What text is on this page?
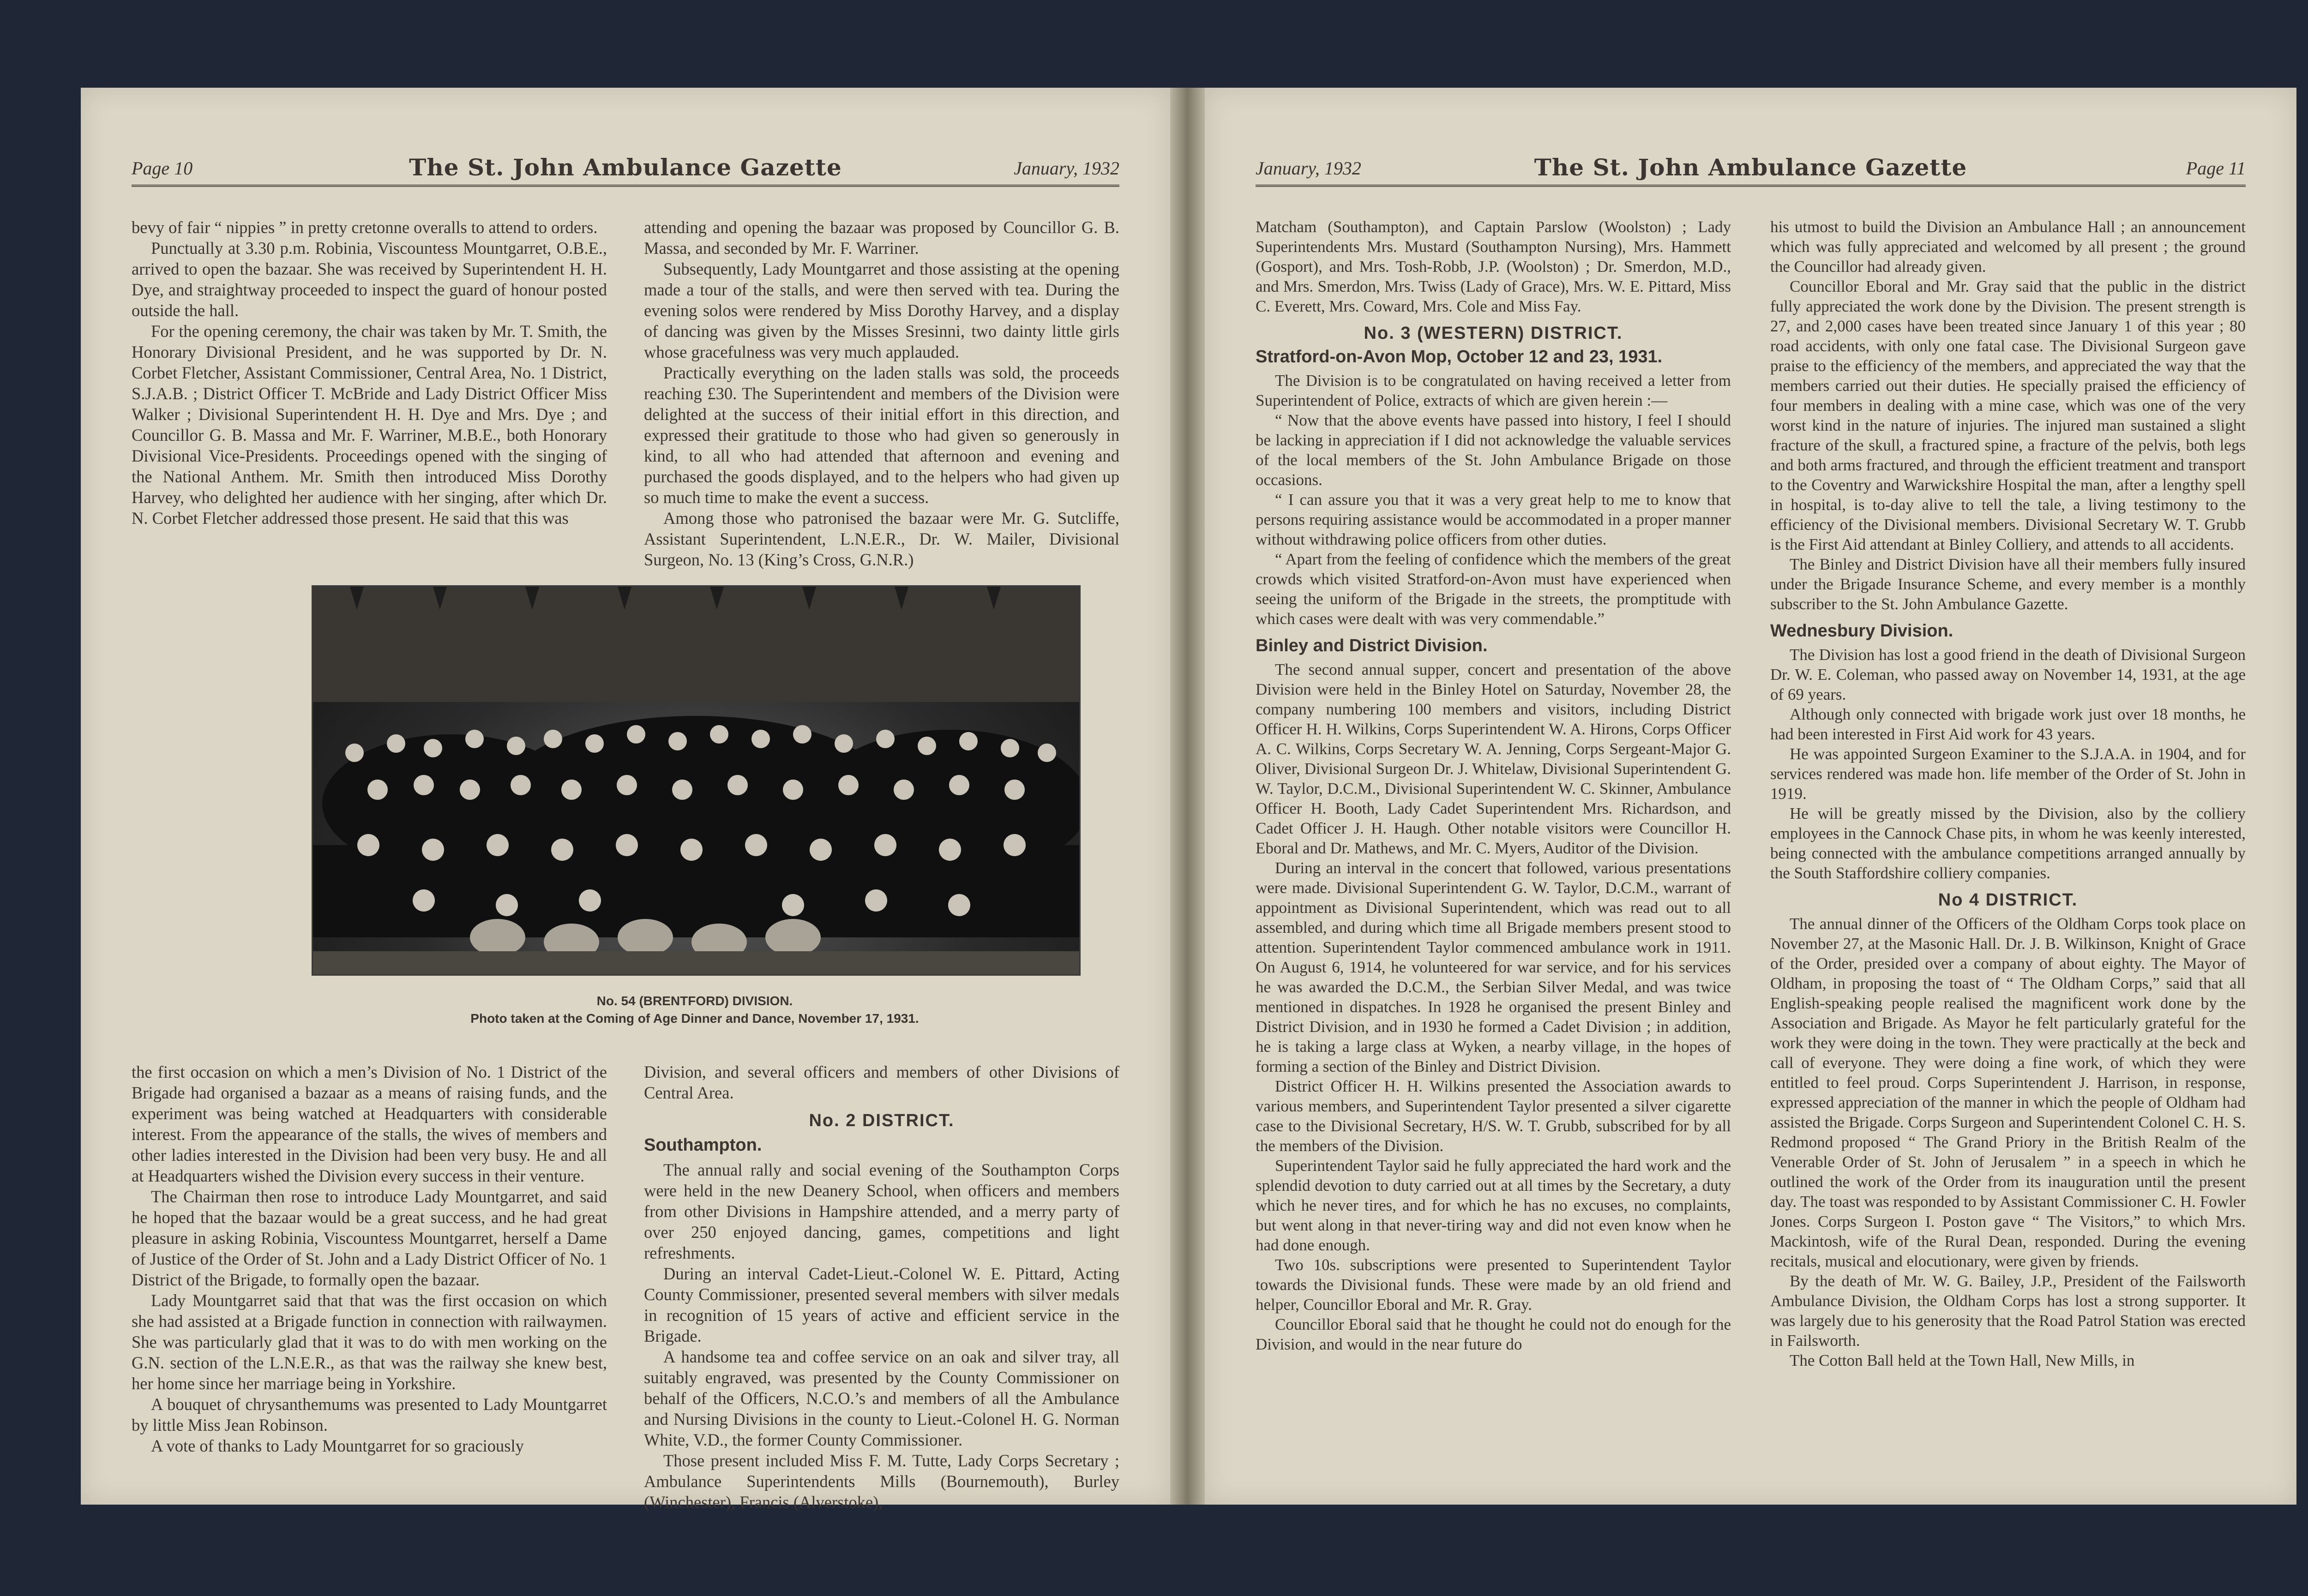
Page 10	The St. John Ambulance Gazette	January, 1932

bevy of fair “ nippies ” in pretty cretonne overalls to attend to orders.

Punctually at 3.30 p.m. Robinia, Viscountess Mountgarret, O.B.E., arrived to open the bazaar. She was received by Superintendent H. H. Dye, and straightway proceeded to inspect the guard of honour posted outside the hall.

For the opening ceremony, the chair was taken by Mr. T. Smith, the Honorary Divisional President, and he was supported by Dr. N. Corbet Fletcher, Assistant Commissioner, Central Area, No. 1 District, S.J.A.B. ; District Officer T. McBride and Lady District Officer Miss Walker ; Divisional Superintendent H. H. Dye and Mrs. Dye ; and Councillor G. B. Massa and Mr. F. Warriner, M.B.E., both Honorary Divisional Vice-Presidents. Proceedings opened with the singing of the National Anthem. Mr. Smith then introduced Miss Dorothy Harvey, who delighted her audience with her singing, after which Dr. N. Corbet Fletcher addressed those present. He said that this was

attending and opening the bazaar was proposed by Councillor G. B. Massa, and seconded by Mr. F. Warriner.

Subsequently, Lady Mountgarret and those assisting at the opening made a tour of the stalls, and were then served with tea. During the evening solos were rendered by Miss Dorothy Harvey, and a display of dancing was given by the Misses Sresinni, two dainty little girls whose gracefulness was very much applauded.

Practically everything on the laden stalls was sold, the proceeds reaching £30. The Superintendent and members of the Division were delighted at the success of their initial effort in this direction, and expressed their gratitude to those who had given so generously in kind, to all who had attended that afternoon and evening and purchased the goods displayed, and to the helpers who had given up so much time to make the event a success.

Among those who patronised the bazaar were Mr. G. Sutcliffe, Assistant Superintendent, L.N.E.R., Dr. W. Mailer, Divisional Surgeon, No. 13 (King’s Cross, G.N.R.)

No. 54 (BRENTFORD) DIVISION.
Photo taken at the Coming of Age Dinner and Dance, November 17, 1931.

the first occasion on which a men’s Division of No. 1 District of the Brigade had organised a bazaar as a means of raising funds, and the experiment was being watched at Headquarters with considerable interest. From the appearance of the stalls, the wives of members and other ladies interested in the Division had been very busy. He and all at Headquarters wished the Division every success in their venture.

The Chairman then rose to introduce Lady Mountgarret, and said he hoped that the bazaar would be a great success, and he had great pleasure in asking Robinia, Viscountess Mountgarret, herself a Dame of Justice of the Order of St. John and a Lady District Officer of No. 1 District of the Brigade, to formally open the bazaar.

Lady Mountgarret said that that was the first occasion on which she had assisted at a Brigade function in connection with railwaymen. She was particularly glad that it was to do with men working on the G.N. section of the L.N.E.R., as that was the railway she knew best, her home since her marriage being in Yorkshire.

A bouquet of chrysanthemums was presented to Lady Mountgarret by little Miss Jean Robinson.

A vote of thanks to Lady Mountgarret for so graciously

Division, and several officers and members of other Divisions of Central Area.

No. 2 DISTRICT.
Southampton.

The annual rally and social evening of the Southampton Corps were held in the new Deanery School, when officers and members from other Divisions in Hampshire attended, and a merry party of over 250 enjoyed dancing, games, competitions and light refreshments.

During an interval Cadet-Lieut.-Colonel W. E. Pittard, Acting County Commissioner, presented several members with silver medals in recognition of 15 years of active and efficient service in the Brigade.

A handsome tea and coffee service on an oak and silver tray, all suitably engraved, was presented by the County Commissioner on behalf of the Officers, N.C.O.’s and members of all the Ambulance and Nursing Divisions in the county to Lieut.-Colonel H. G. Norman White, V.D., the former County Commissioner.

Those present included Miss F. M. Tutte, Lady Corps Secretary ; Ambulance Superintendents Mills (Bournemouth), Burley (Winchester), Francis (Alverstoke),

January, 1932	The St. John Ambulance Gazette	Page 11

Matcham (Southampton), and Captain Parslow (Woolston) ; Lady Superintendents Mrs. Mustard (Southampton Nursing), Mrs. Hammett (Gosport), and Mrs. Tosh-Robb, J.P. (Woolston) ; Dr. Smerdon, M.D., and Mrs. Smerdon, Mrs. Twiss (Lady of Grace), Mrs. W. E. Pittard, Miss C. Everett, Mrs. Coward, Mrs. Cole and Miss Fay.

No. 3 (WESTERN) DISTRICT.
Stratford-on-Avon Mop, October 12 and 23, 1931.

The Division is to be congratulated on having received a letter from Superintendent of Police, extracts of which are given herein :—

“ Now that the above events have passed into history, I feel I should be lacking in appreciation if I did not acknowledge the valuable services of the local members of the St. John Ambulance Brigade on those occasions.

“ I can assure you that it was a very great help to me to know that persons requiring assistance would be accommodated in a proper manner without withdrawing police officers from other duties.

“ Apart from the feeling of confidence which the members of the great crowds which visited Stratford-on-Avon must have experienced when seeing the uniform of the Brigade in the streets, the promptitude with which cases were dealt with was very commendable.”

Binley and District Division.

The second annual supper, concert and presentation of the above Division were held in the Binley Hotel on Saturday, November 28, the company numbering 100 members and visitors, including District Officer H. H. Wilkins, Corps Superintendent W. A. Hirons, Corps Officer A. C. Wilkins, Corps Secretary W. A. Jenning, Corps Sergeant-Major G. Oliver, Divisional Surgeon Dr. J. Whitelaw, Divisional Superintendent G. W. Taylor, D.C.M., Divisional Superintendent W. C. Skinner, Ambulance Officer H. Booth, Lady Cadet Superintendent Mrs. Richardson, and Cadet Officer J. H. Haugh. Other notable visitors were Councillor H. Eboral and Dr. Mathews, and Mr. C. Myers, Auditor of the Division.

During an interval in the concert that followed, various presentations were made. Divisional Superintendent G. W. Taylor, D.C.M., warrant of appointment as Divisional Superintendent, which was read out to all assembled, and during which time all Brigade members present stood to attention. Superintendent Taylor commenced ambulance work in 1911. On August 6, 1914, he volunteered for war service, and for his services he was awarded the D.C.M., the Serbian Silver Medal, and was twice mentioned in dispatches. In 1928 he organised the present Binley and District Division, and in 1930 he formed a Cadet Division ; in addition, he is taking a large class at Wyken, a nearby village, in the hopes of forming a section of the Binley and District Division.

District Officer H. H. Wilkins presented the Association awards to various members, and Superintendent Taylor presented a silver cigarette case to the Divisional Secretary, H/S. W. T. Grubb, subscribed for by all the members of the Division.

Superintendent Taylor said he fully appreciated the hard work and the splendid devotion to duty carried out at all times by the Secretary, a duty which he never tires, and for which he has no excuses, no complaints, but went along in that never-tiring way and did not even know when he had done enough.

Two 10s. subscriptions were presented to Superintendent Taylor towards the Divisional funds. These were made by an old friend and helper, Councillor Eboral and Mr. R. Gray.

Councillor Eboral said that he thought he could not do enough for the Division, and would in the near future do

his utmost to build the Division an Ambulance Hall ; an announcement which was fully appreciated and welcomed by all present ; the ground the Councillor had already given.

Councillor Eboral and Mr. Gray said that the public in the district fully appreciated the work done by the Division. The present strength is 27, and 2,000 cases have been treated since January 1 of this year ; 80 road accidents, with only one fatal case. The Divisional Surgeon gave praise to the efficiency of the members, and appreciated the way that the members carried out their duties. He specially praised the efficiency of four members in dealing with a mine case, which was one of the very worst kind in the nature of injuries. The injured man sustained a slight fracture of the skull, a fractured spine, a fracture of the pelvis, both legs and both arms fractured, and through the efficient treatment and transport to the Coventry and Warwickshire Hospital the man, after a lengthy spell in hospital, is to-day alive to tell the tale, a living testimony to the efficiency of the Divisional members. Divisional Secretary W. T. Grubb is the First Aid attendant at Binley Colliery, and attends to all accidents.

The Binley and District Division have all their members fully insured under the Brigade Insurance Scheme, and every member is a monthly subscriber to the St. John Ambulance Gazette.

Wednesbury Division.

The Division has lost a good friend in the death of Divisional Surgeon Dr. W. E. Coleman, who passed away on November 14, 1931, at the age of 69 years.

Although only connected with brigade work just over 18 months, he had been interested in First Aid work for 43 years.

He was appointed Surgeon Examiner to the S.J.A.A. in 1904, and for services rendered was made hon. life member of the Order of St. John in 1919.

He will be greatly missed by the Division, also by the colliery employees in the Cannock Chase pits, in whom he was keenly interested, being connected with the ambulance competitions arranged annually by the South Staffordshire colliery companies.

No 4 DISTRICT.

The annual dinner of the Officers of the Oldham Corps took place on November 27, at the Masonic Hall. Dr. J. B. Wilkinson, Knight of Grace of the Order, presided over a company of about eighty. The Mayor of Oldham, in proposing the toast of “ The Oldham Corps,” said that all English-speaking people realised the magnificent work done by the Association and Brigade. As Mayor he felt particularly grateful for the work they were doing in the town. They were practically at the beck and call of everyone. They were doing a fine work, of which they were entitled to feel proud. Corps Superintendent J. Harrison, in response, expressed appreciation of the manner in which the people of Oldham had assisted the Brigade. Corps Surgeon and Superintendent Colonel C. H. S. Redmond proposed “ The Grand Priory in the British Realm of the Venerable Order of St. John of Jerusalem ” in a speech in which he outlined the work of the Order from its inauguration until the present day. The toast was responded to by Assistant Commissioner C. H. Fowler Jones. Corps Surgeon I. Poston gave “ The Visitors,” to which Mrs. Mackintosh, wife of the Rural Dean, responded. During the evening recitals, musical and elocutionary, were given by friends.

By the death of Mr. W. G. Bailey, J.P., President of the Failsworth Ambulance Division, the Oldham Corps has lost a strong supporter. It was largely due to his generosity that the Road Patrol Station was erected in Failsworth.

The Cotton Ball held at the Town Hall, New Mills, in
